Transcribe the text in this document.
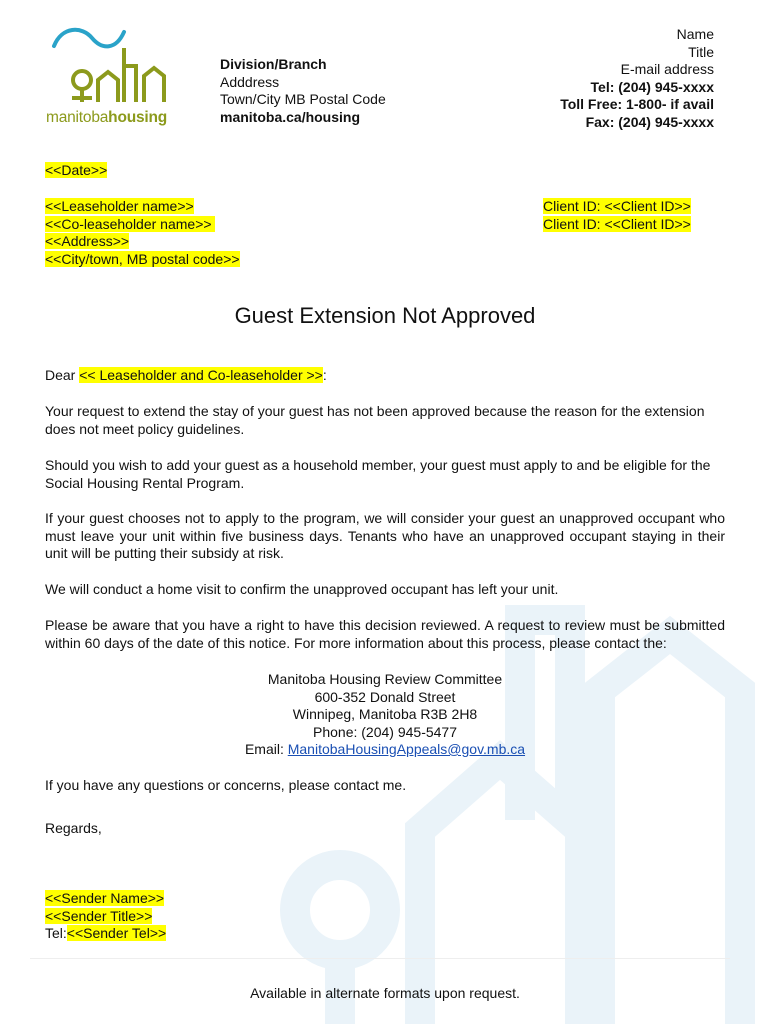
manitobahousing
Division/Branch
Adddress
Town/City MB Postal Code
manitoba.ca/housing
Name
Title
E-mail address
Tel: (204) 945-xxxx
Toll Free: 1-800- if avail
Fax: (204) 945-xxxx
<<Date>>
<<Leaseholder name>>
<<Co-leaseholder name>>
<<Address>>
<<City/town, MB postal code>>
Client ID: <<Client ID>>
Client ID: <<Client ID>>
Guest Extension Not Approved

Dear << Leaseholder and Co-leaseholder >>:

Your request to extend the stay of your guest has not been approved because the reason for the extension does not meet policy guidelines.

Should you wish to add your guest as a household member, your guest must apply to and be eligible for the Social Housing Rental Program.

If your guest chooses not to apply to the program, we will consider your guest an unapproved occupant who must leave your unit within five business days. Tenants who have an unapproved occupant staying in their unit will be putting their subsidy at risk.

We will conduct a home visit to confirm the unapproved occupant has left your unit.

Please be aware that you have a right to have this decision reviewed. A request to review must be submitted within 60 days of the date of this notice. For more information about this process, please contact the:

Manitoba Housing Review Committee
600-352 Donald Street
Winnipeg, Manitoba R3B 2H8
Phone: (204) 945-5477
Email: ManitobaHousingAppeals@gov.mb.ca

If you have any questions or concerns, please contact me.

Regards,

<<Sender Name>>
<<Sender Title>>
Tel:<<Sender Tel>>
Available in alternate formats upon request.
